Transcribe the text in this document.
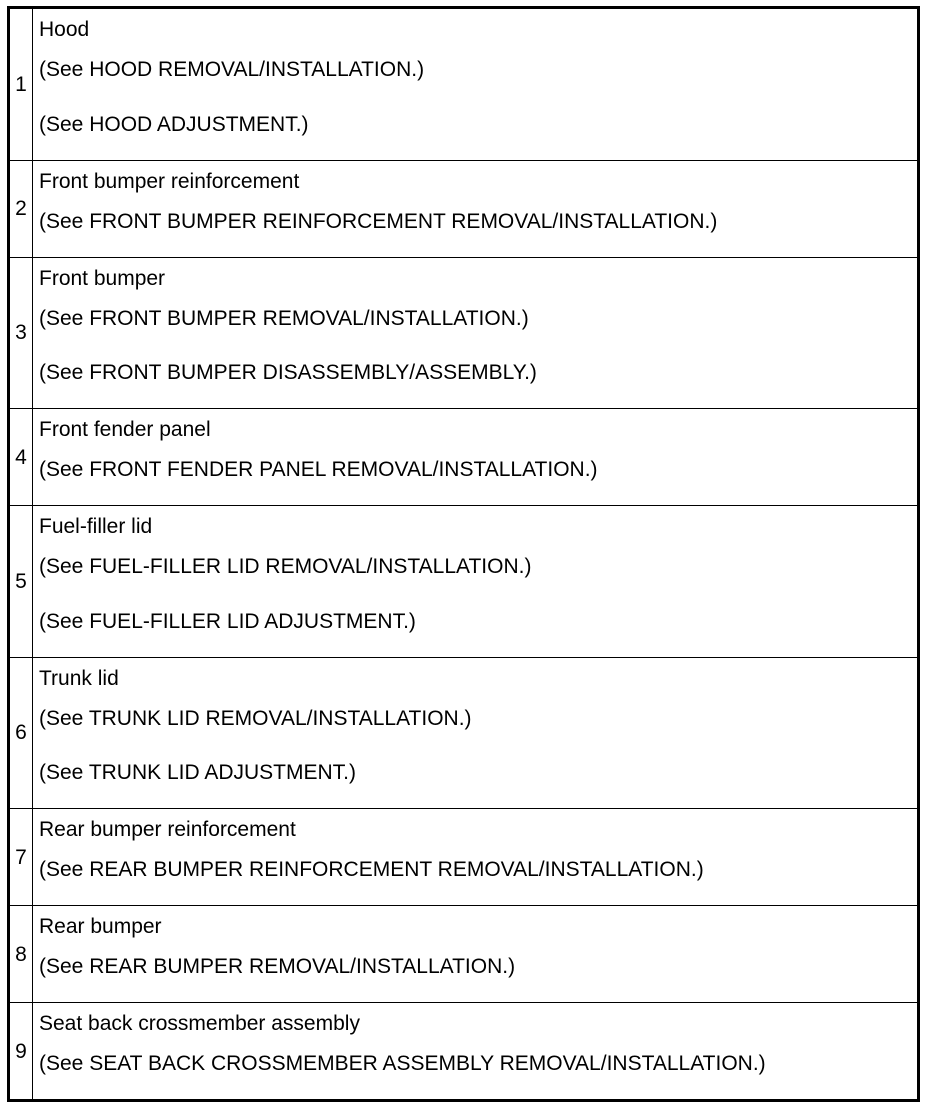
1	Hood
(See HOOD REMOVAL/INSTALLATION.)
(See HOOD ADJUSTMENT.)

2	Front bumper reinforcement
(See FRONT BUMPER REINFORCEMENT REMOVAL/INSTALLATION.)

3	Front bumper
(See FRONT BUMPER REMOVAL/INSTALLATION.)
(See FRONT BUMPER DISASSEMBLY/ASSEMBLY.)

4	Front fender panel
(See FRONT FENDER PANEL REMOVAL/INSTALLATION.)

5	Fuel-filler lid
(See FUEL-FILLER LID REMOVAL/INSTALLATION.)
(See FUEL-FILLER LID ADJUSTMENT.)

6	Trunk lid
(See TRUNK LID REMOVAL/INSTALLATION.)
(See TRUNK LID ADJUSTMENT.)

7	Rear bumper reinforcement
(See REAR BUMPER REINFORCEMENT REMOVAL/INSTALLATION.)

8	Rear bumper
(See REAR BUMPER REMOVAL/INSTALLATION.)

9	Seat back crossmember assembly
(See SEAT BACK CROSSMEMBER ASSEMBLY REMOVAL/INSTALLATION.)
